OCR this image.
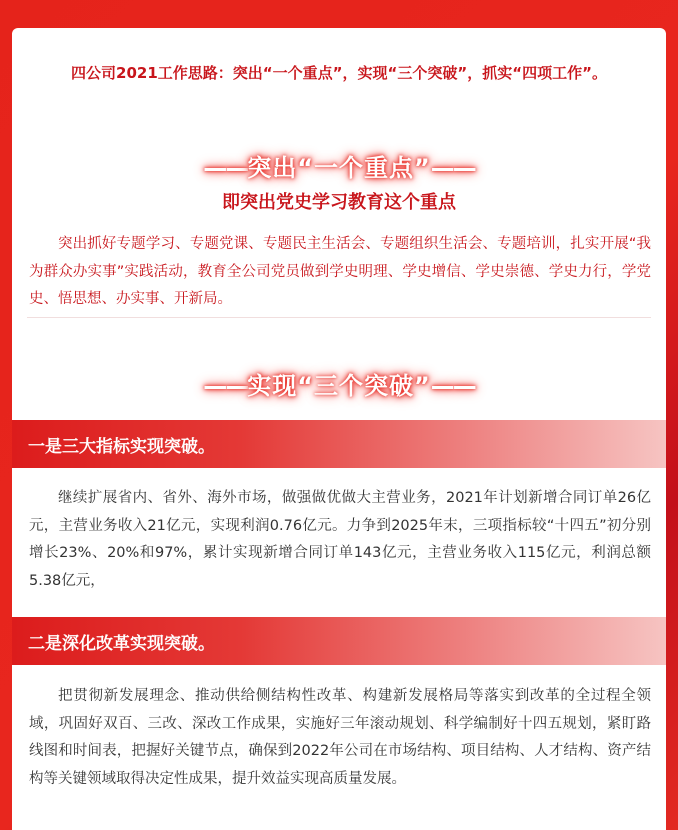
四公司2021工作思路：突出“一个重点”，实现“三个突破”，抓实“四项工作”。
——突出“一个重点”——
即突出党史学习教育这个重点
突出抓好专题学习、专题党课、专题民主生活会、专题组织生活会、专题培训，扎实开展“我为群众办实事”实践活动，教育全公司党员做到学史明理、学史增信、学史崇德、学史力行，学党史、悟思想、办实事、开新局。
——实现“三个突破”——
一是三大指标实现突破。
继续扩展省内、省外、海外市场，做强做优做大主营业务，2021年计划新增合同订单26亿元，主营业务收入21亿元，实现利润0.76亿元。力争到2025年末，三项指标较“十四五”初分别增长23%、20%和97%，累计实现新增合同订单143亿元，主营业务收入115亿元，利润总额5.38亿元，
二是深化改革实现突破。
把贯彻新发展理念、推动供给侧结构性改革、构建新发展格局等落实到改革的全过程全领域，巩固好双百、三改、深改工作成果，实施好三年滚动规划、科学编制好十四五规划，紧盯路线图和时间表，把握好关键节点，确保到2022年公司在市场结构、项目结构、人才结构、资产结构等关键领域取得决定性成果，提升效益实现高质量发展。
